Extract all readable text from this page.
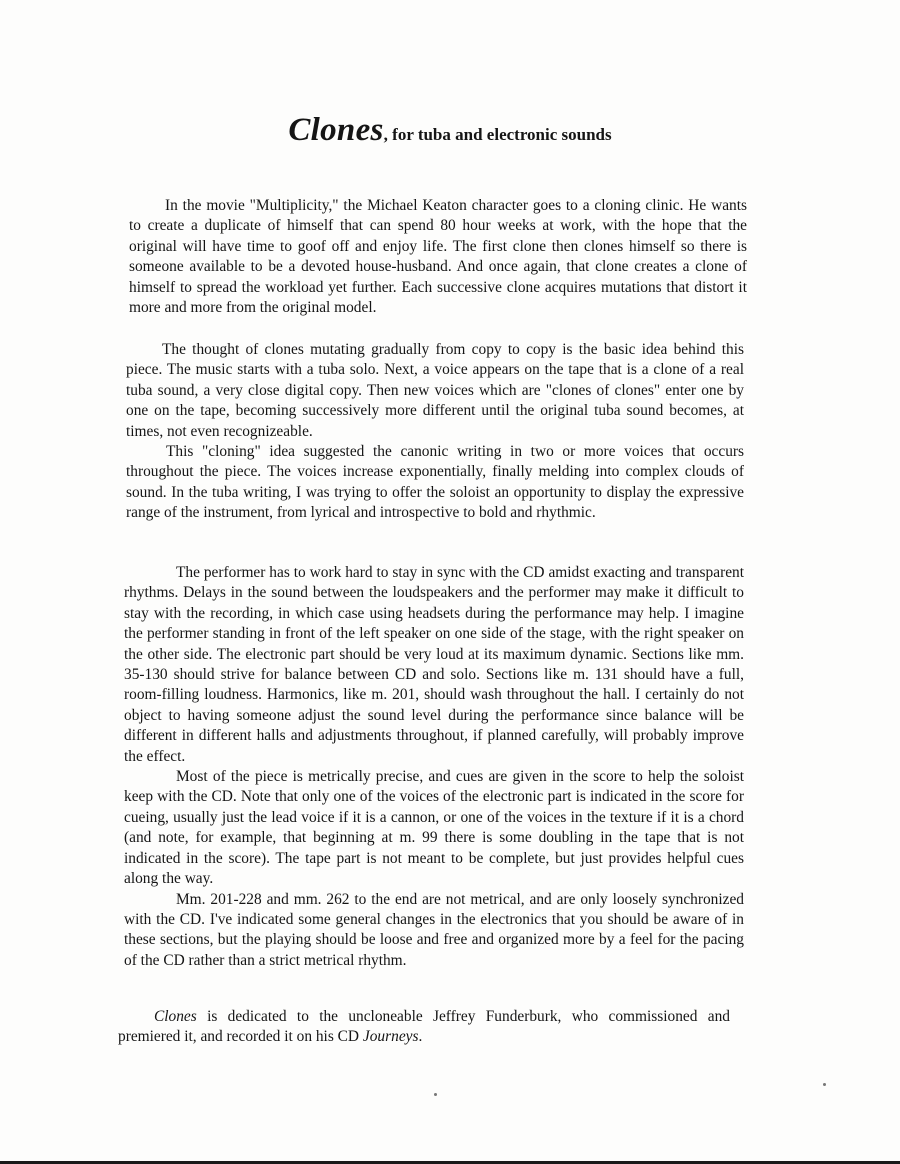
Clones, for tuba and electronic sounds

In the movie "Multiplicity," the Michael Keaton character goes to a cloning clinic. He wants to create a duplicate of himself that can spend 80 hour weeks at work, with the hope that the original will have time to goof off and enjoy life. The first clone then clones himself so there is someone available to be a devoted house-husband. And once again, that clone creates a clone of himself to spread the workload yet further. Each successive clone acquires mutations that distort it more and more from the original model.

The thought of clones mutating gradually from copy to copy is the basic idea behind this piece. The music starts with a tuba solo. Next, a voice appears on the tape that is a clone of a real tuba sound, a very close digital copy. Then new voices which are "clones of clones" enter one by one on the tape, becoming successively more different until the original tuba sound becomes, at times, not even recognizeable.

This "cloning" idea suggested the canonic writing in two or more voices that occurs throughout the piece. The voices increase exponentially, finally melding into complex clouds of sound. In the tuba writing, I was trying to offer the soloist an opportunity to display the expressive range of the instrument, from lyrical and introspective to bold and rhythmic.

The performer has to work hard to stay in sync with the CD amidst exacting and transparent rhythms. Delays in the sound between the loudspeakers and the performer may make it difficult to stay with the recording, in which case using headsets during the performance may help. I imagine the performer standing in front of the left speaker on one side of the stage, with the right speaker on the other side. The electronic part should be very loud at its maximum dynamic. Sections like mm. 35-130 should strive for balance between CD and solo. Sections like m. 131 should have a full, room-filling loudness. Harmonics, like m. 201, should wash throughout the hall. I certainly do not object to having someone adjust the sound level during the performance since balance will be different in different halls and adjustments throughout, if planned carefully, will probably improve the effect.

Most of the piece is metrically precise, and cues are given in the score to help the soloist keep with the CD. Note that only one of the voices of the electronic part is indicated in the score for cueing, usually just the lead voice if it is a cannon, or one of the voices in the texture if it is a chord (and note, for example, that beginning at m. 99 there is some doubling in the tape that is not indicated in the score). The tape part is not meant to be complete, but just provides helpful cues along the way.

Mm. 201-228 and mm. 262 to the end are not metrical, and are only loosely synchronized with the CD. I've indicated some general changes in the electronics that you should be aware of in these sections, but the playing should be loose and free and organized more by a feel for the pacing of the CD rather than a strict metrical rhythm.

Clones is dedicated to the uncloneable Jeffrey Funderburk, who commissioned and premiered it, and recorded it on his CD Journeys.
